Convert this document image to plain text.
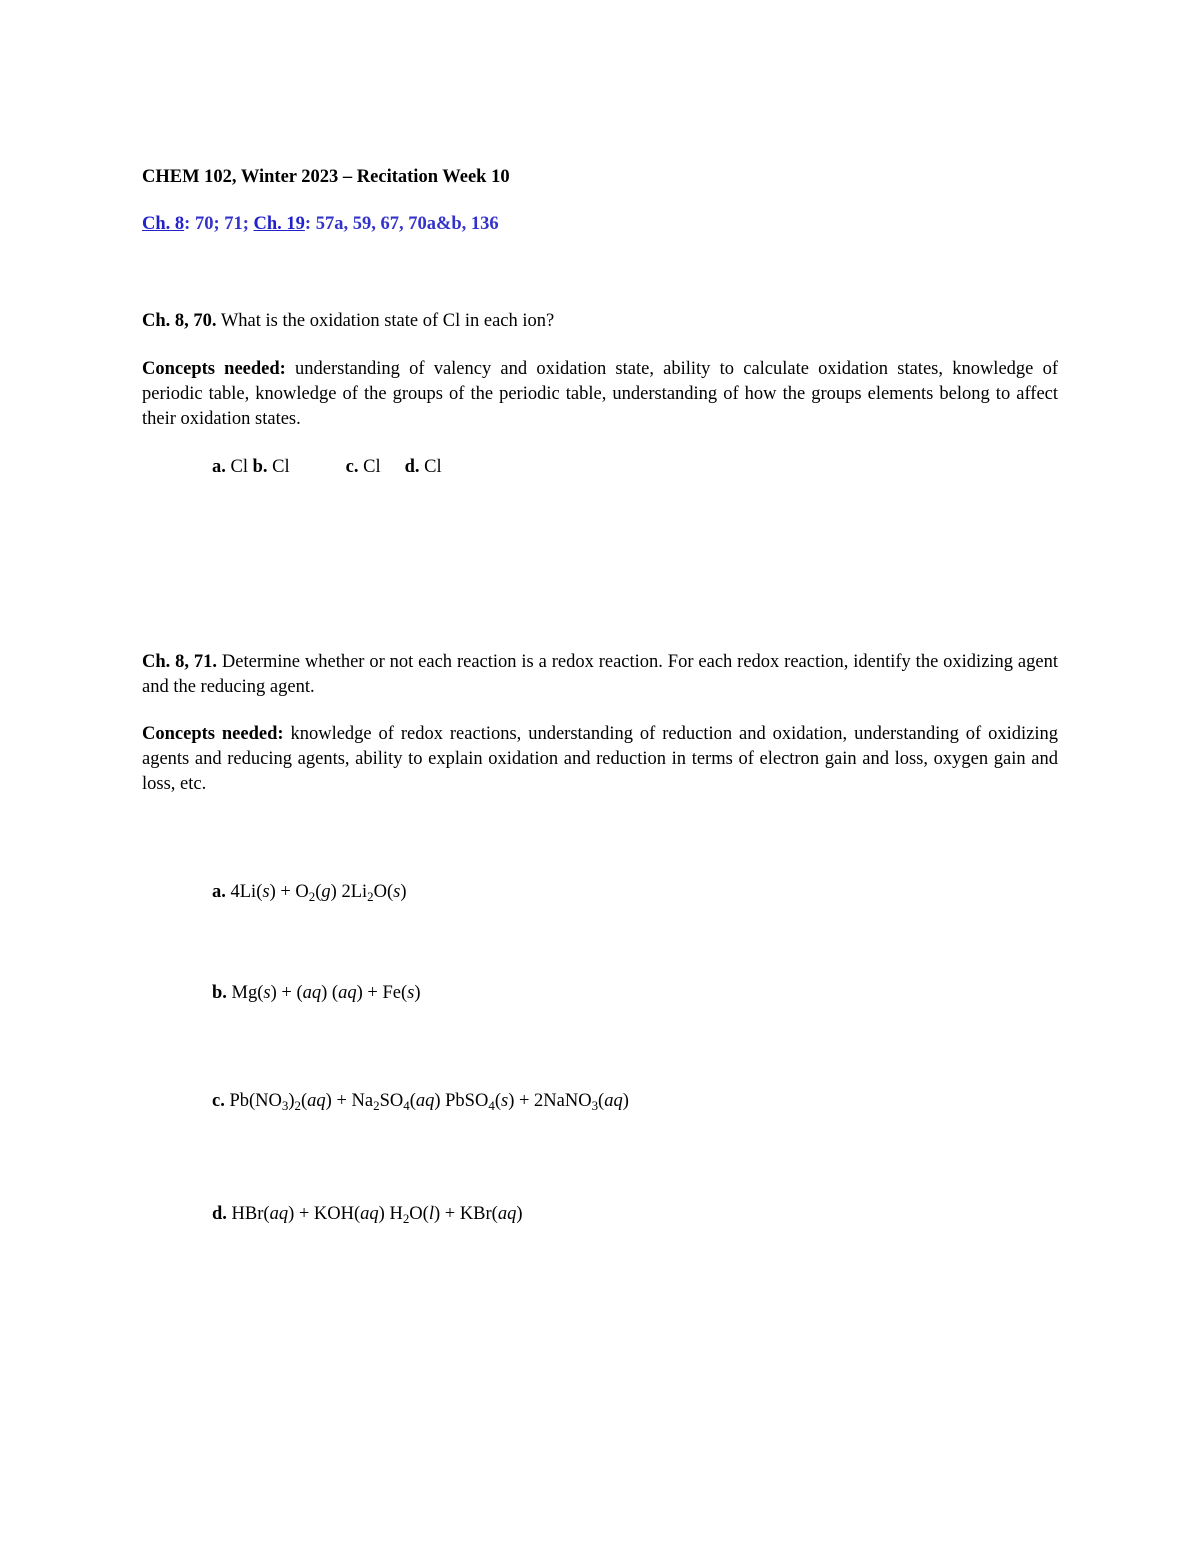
CHEM 102, Winter 2023 – Recitation Week 10
Ch. 8: 70; 71; Ch. 19: 57a, 59, 67, 70a&b, 136
Ch. 8, 70. What is the oxidation state of Cl in each ion?
Concepts needed: understanding of valency and oxidation state, ability to calculate oxidation states, knowledge of periodic table, knowledge of the groups of the periodic table, understanding of how the groups elements belong to affect their oxidation states.
a. Cl b. Cl	c. Cl d. Cl
Ch. 8, 71. Determine whether or not each reaction is a redox reaction. For each redox reaction, identify the oxidizing agent and the reducing agent.
Concepts needed: knowledge of redox reactions, understanding of reduction and oxidation, understanding of oxidizing agents and reducing agents, ability to explain oxidation and reduction in terms of electron gain and loss, oxygen gain and loss, etc.
a. $4Li(s) + O_2(g)$ $2Li_2O(s)$
b. Mg(s) + (aq) (aq) + Fe(s)
c. $Pb(NO_3)_2(aq) + Na_2SO_4(aq)$ PbSO$_4$(s) + 2NaNO$_3$(aq)
d. HBr(aq) + KOH(aq) $H_2O(l) + KBr(aq)$
